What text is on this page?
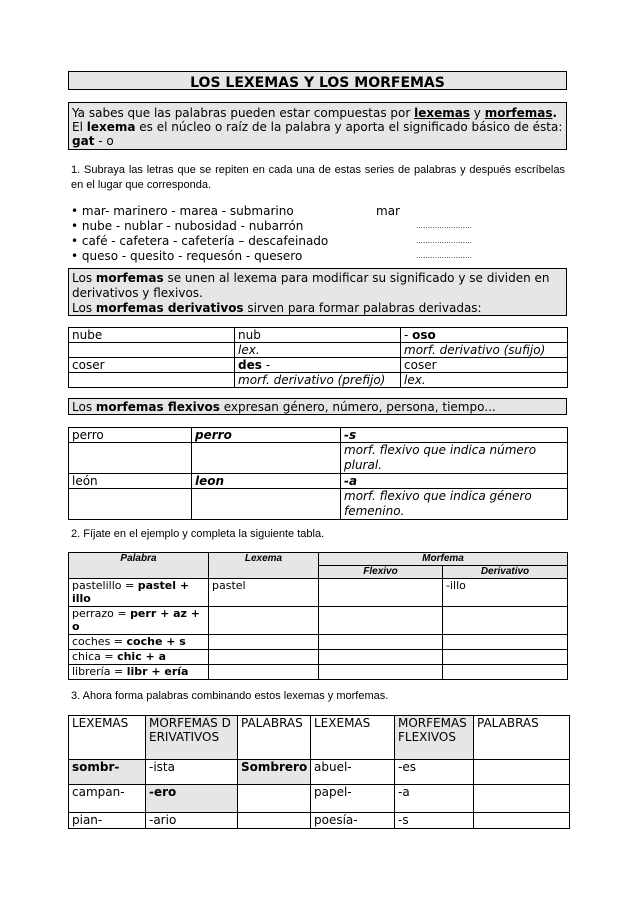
LOS LEXEMAS Y LOS MORFEMAS
Ya sabes que las palabras pueden estar compuestas por lexemas y morfemas.
El lexema es el núcleo o raíz de la palabra y aporta el significado básico de ésta:
gat - o
1. Subraya las letras que se repiten en cada una de estas series de palabras y después escríbelas en el lugar que corresponda.
• mar- marinero - marea - submarino	mar
• nube - nublar - nubosidad - nubarrón	……………………
• café - cafetera - cafetería – descafeinado	……………………
• queso - quesito - requesón - quesero	……………………
Los morfemas se unen al lexema para modificar su significado y se dividen en
derivativos y flexivos.
Los morfemas derivativos sirven para formar palabras derivadas:
nube	nub	- oso
	lex.	morf. derivativo (sufijo)
coser	des -	coser
	morf. derivativo (prefijo)	lex.
Los morfemas flexivos expresan género, número, persona, tiempo...
perro	perro	-s
		morf. flexivo que indica número plural.
león	leon	-a
		morf. flexivo que indica género femenino.
2. Fíjate en el ejemplo y completa la siguiente tabla.
Palabra	Lexema	Morfema	
		Flexivo	Derivativo
pastelillo = pastel + illo	pastel		-illo
perrazo = perr + az + o			
coches = coche + s			
chica = chic + a			
librería = libr + ería			
3. Ahora forma palabras combinando estos lexemas y morfemas.
LEXEMAS	MORFEMAS DERIVATIVOS	PALABRAS	LEXEMAS	MORFEMAS FLEXIVOS	PALABRAS
sombr-	-ista	Sombrero	abuel-	-es	
campan-	-ero		papel-	-a	
pian-	-ario		poesía-	-s	
